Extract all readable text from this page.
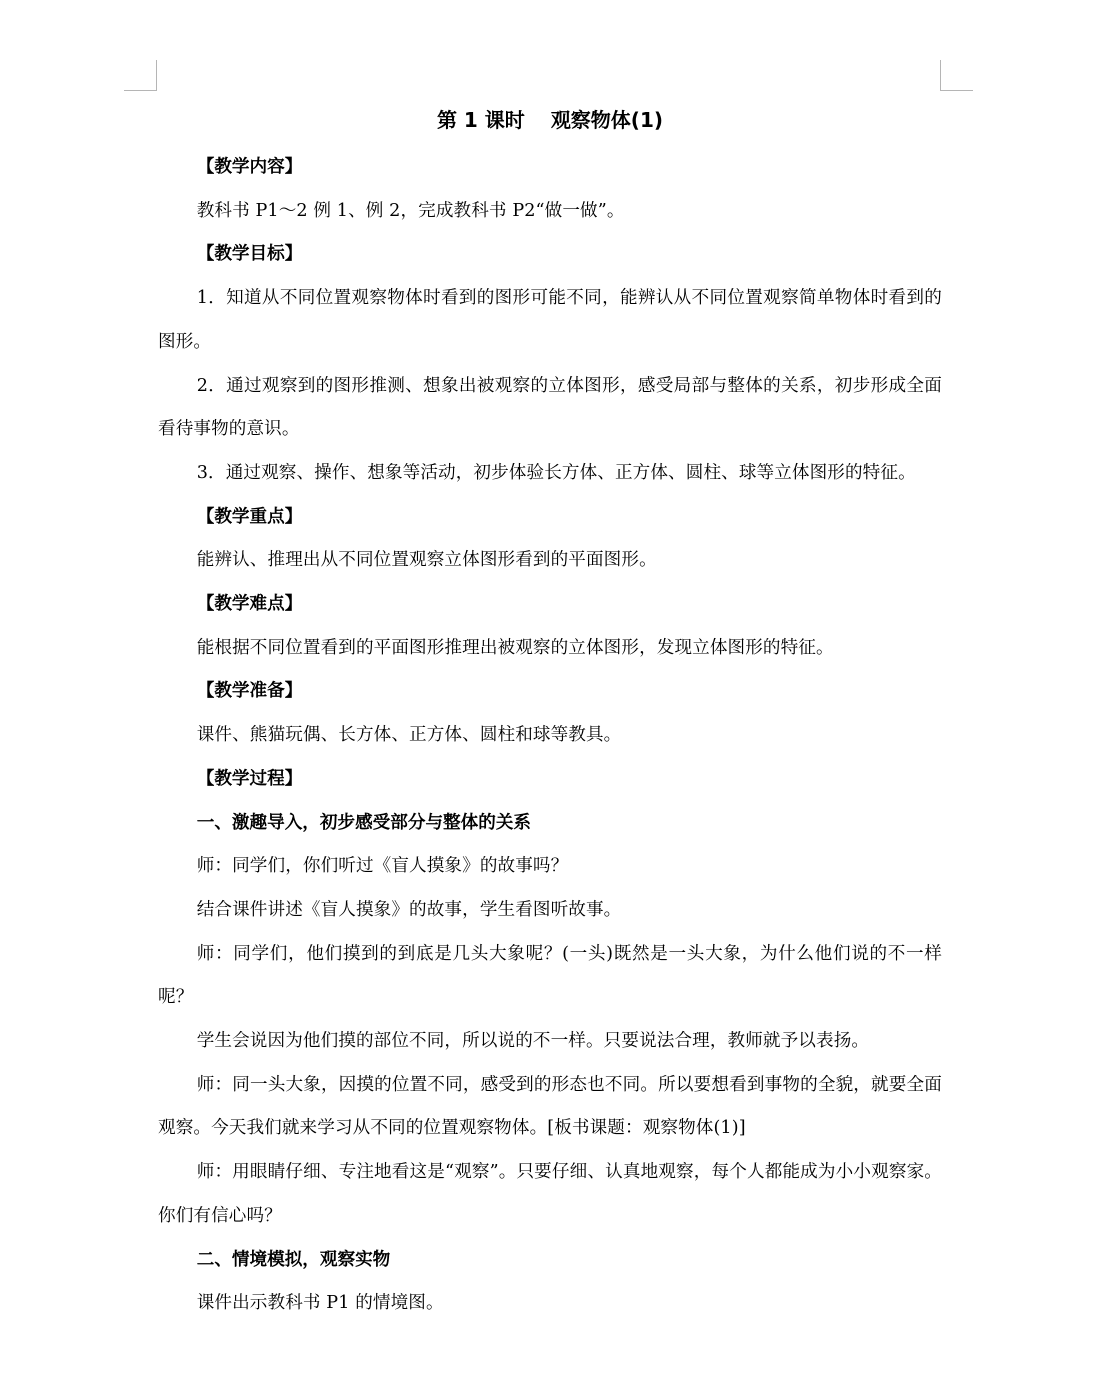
第 1 课时 观察物体(1)

【教学内容】

教科书 P1～2 例 1、例 2，完成教科书 P2“做一做”。

【教学目标】

1．知道从不同位置观察物体时看到的图形可能不同，能辨认从不同位置观察简单物体时看到的图形。

2．通过观察到的图形推测、想象出被观察的立体图形，感受局部与整体的关系，初步形成全面看待事物的意识。

3．通过观察、操作、想象等活动，初步体验长方体、正方体、圆柱、球等立体图形的特征。

【教学重点】

能辨认、推理出从不同位置观察立体图形看到的平面图形。

【教学难点】

能根据不同位置看到的平面图形推理出被观察的立体图形，发现立体图形的特征。

【教学准备】

课件、熊猫玩偶、长方体、正方体、圆柱和球等教具。

【教学过程】

一、激趣导入，初步感受部分与整体的关系

师：同学们，你们听过《盲人摸象》的故事吗？

结合课件讲述《盲人摸象》的故事，学生看图听故事。

师：同学们，他们摸到的到底是几头大象呢？(一头)既然是一头大象，为什么他们说的不一样呢？

学生会说因为他们摸的部位不同，所以说的不一样。只要说法合理，教师就予以表扬。

师：同一头大象，因摸的位置不同，感受到的形态也不同。所以要想看到事物的全貌，就要全面观察。今天我们就来学习从不同的位置观察物体。[板书课题：观察物体(1)]

师：用眼睛仔细、专注地看这是“观察”。只要仔细、认真地观察，每个人都能成为小小观察家。你们有信心吗？

二、情境模拟，观察实物

课件出示教科书 P1 的情境图。
